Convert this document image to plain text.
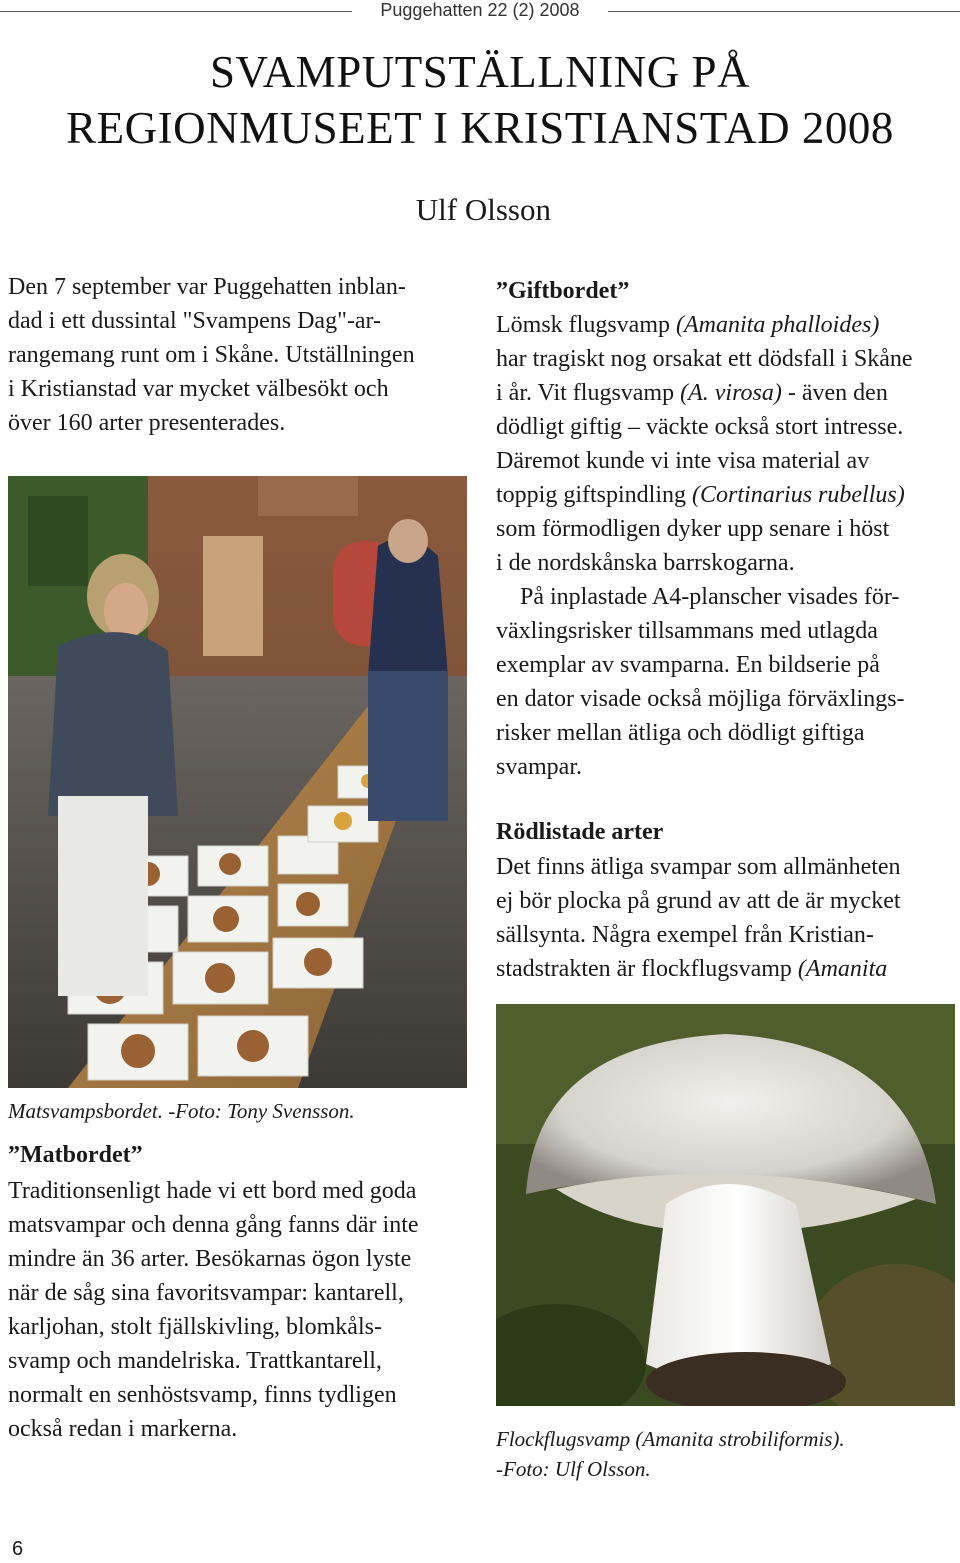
Puggehatten 22 (2) 2008
SVAMPUTSTÄLLNING PÅ
REGIONMUSEET I KRISTIANSTAD 2008
Ulf Olsson
Den 7 september var Puggehatten inblan-
dad i ett dussintal "Svampens Dag"-ar-
rangemang runt om i Skåne. Utställningen
i Kristianstad var mycket välbesökt och
över 160 arter presenterades.
Matsvampsbordet. -Foto: Tony Svensson.
”Matbordet”
Traditionsenligt hade vi ett bord med goda
matsvampar och denna gång fanns där inte
mindre än 36 arter. Besökarnas ögon lyste
när de såg sina favoritsvampar: kantarell,
karljohan, stolt fjällskivling, blomkåls-
svamp och mandelriska. Trattkantarell,
normalt en senhöstsvamp, finns tydligen
också redan i markerna.
”Giftbordet”
Lömsk flugsvamp (Amanita phalloides)
har tragiskt nog orsakat ett dödsfall i Skåne
i år. Vit flugsvamp (A. virosa) - även den
dödligt giftig – väckte också stort intresse.
Däremot kunde vi inte visa material av
toppig giftspindling (Cortinarius rubellus)
som förmodligen dyker upp senare i höst
i de nordskånska barrskogarna.
På inplastade A4-planscher visades för-
växlingsrisker tillsammans med utlagda
exemplar av svamparna. En bildserie på
en dator visade också möjliga förväxlings-
risker mellan ätliga och dödligt giftiga
svampar.
Rödlistade arter
Det finns ätliga svampar som allmänheten
ej bör plocka på grund av att de är mycket
sällsynta. Några exempel från Kristian-
stadstrakten är flockflugsvamp (Amanita
Flockflugsvamp (Amanita strobiliformis).
-Foto: Ulf Olsson.
6
